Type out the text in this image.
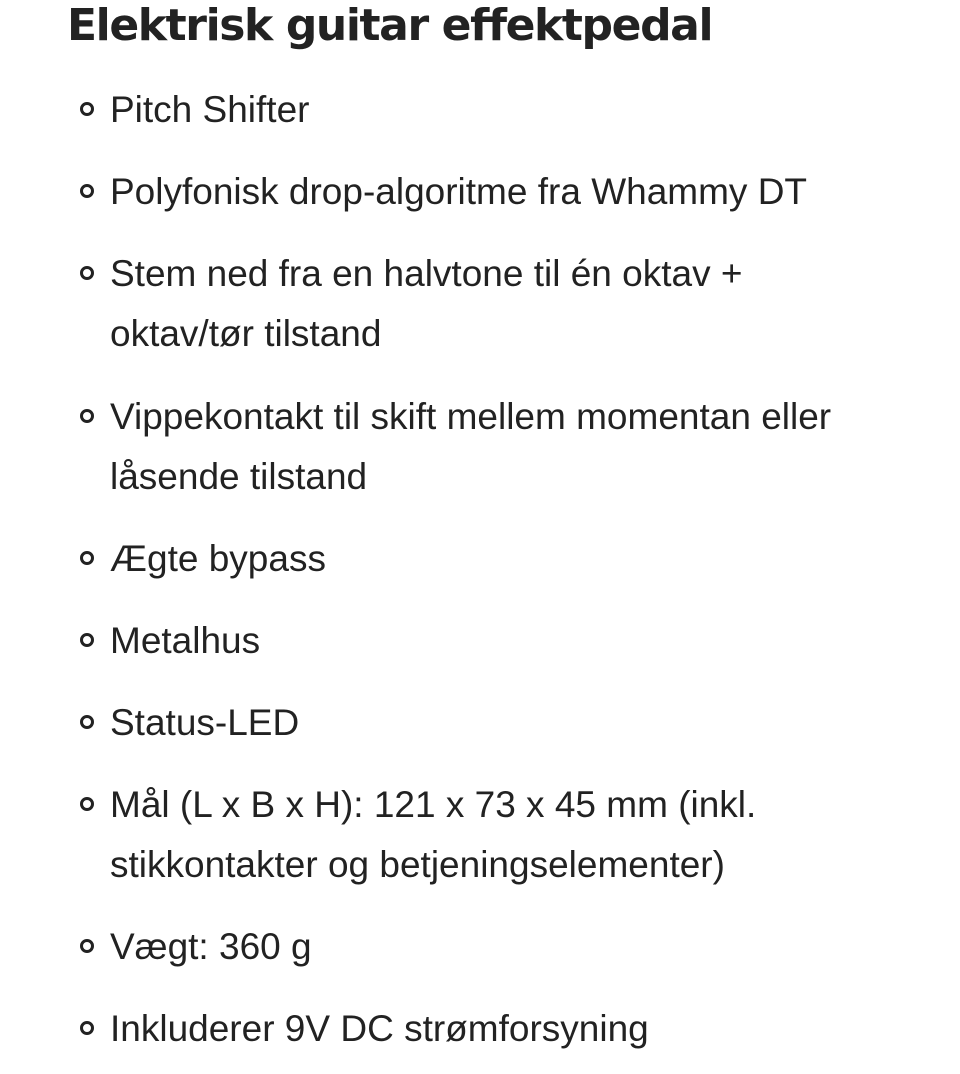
Elektrisk guitar effektpedal
Pitch Shifter
Polyfonisk drop-algoritme fra Whammy DT
Stem ned fra en halvtone til én oktav +
oktav/tør tilstand
Vippekontakt til skift mellem momentan eller
låsende tilstand
Ægte bypass
Metalhus
Status-LED
Mål (L x B x H): 121 x 73 x 45 mm (inkl.
stikkontakter og betjeningselementer)
Vægt: 360 g
Inkluderer 9V DC strømforsyning
